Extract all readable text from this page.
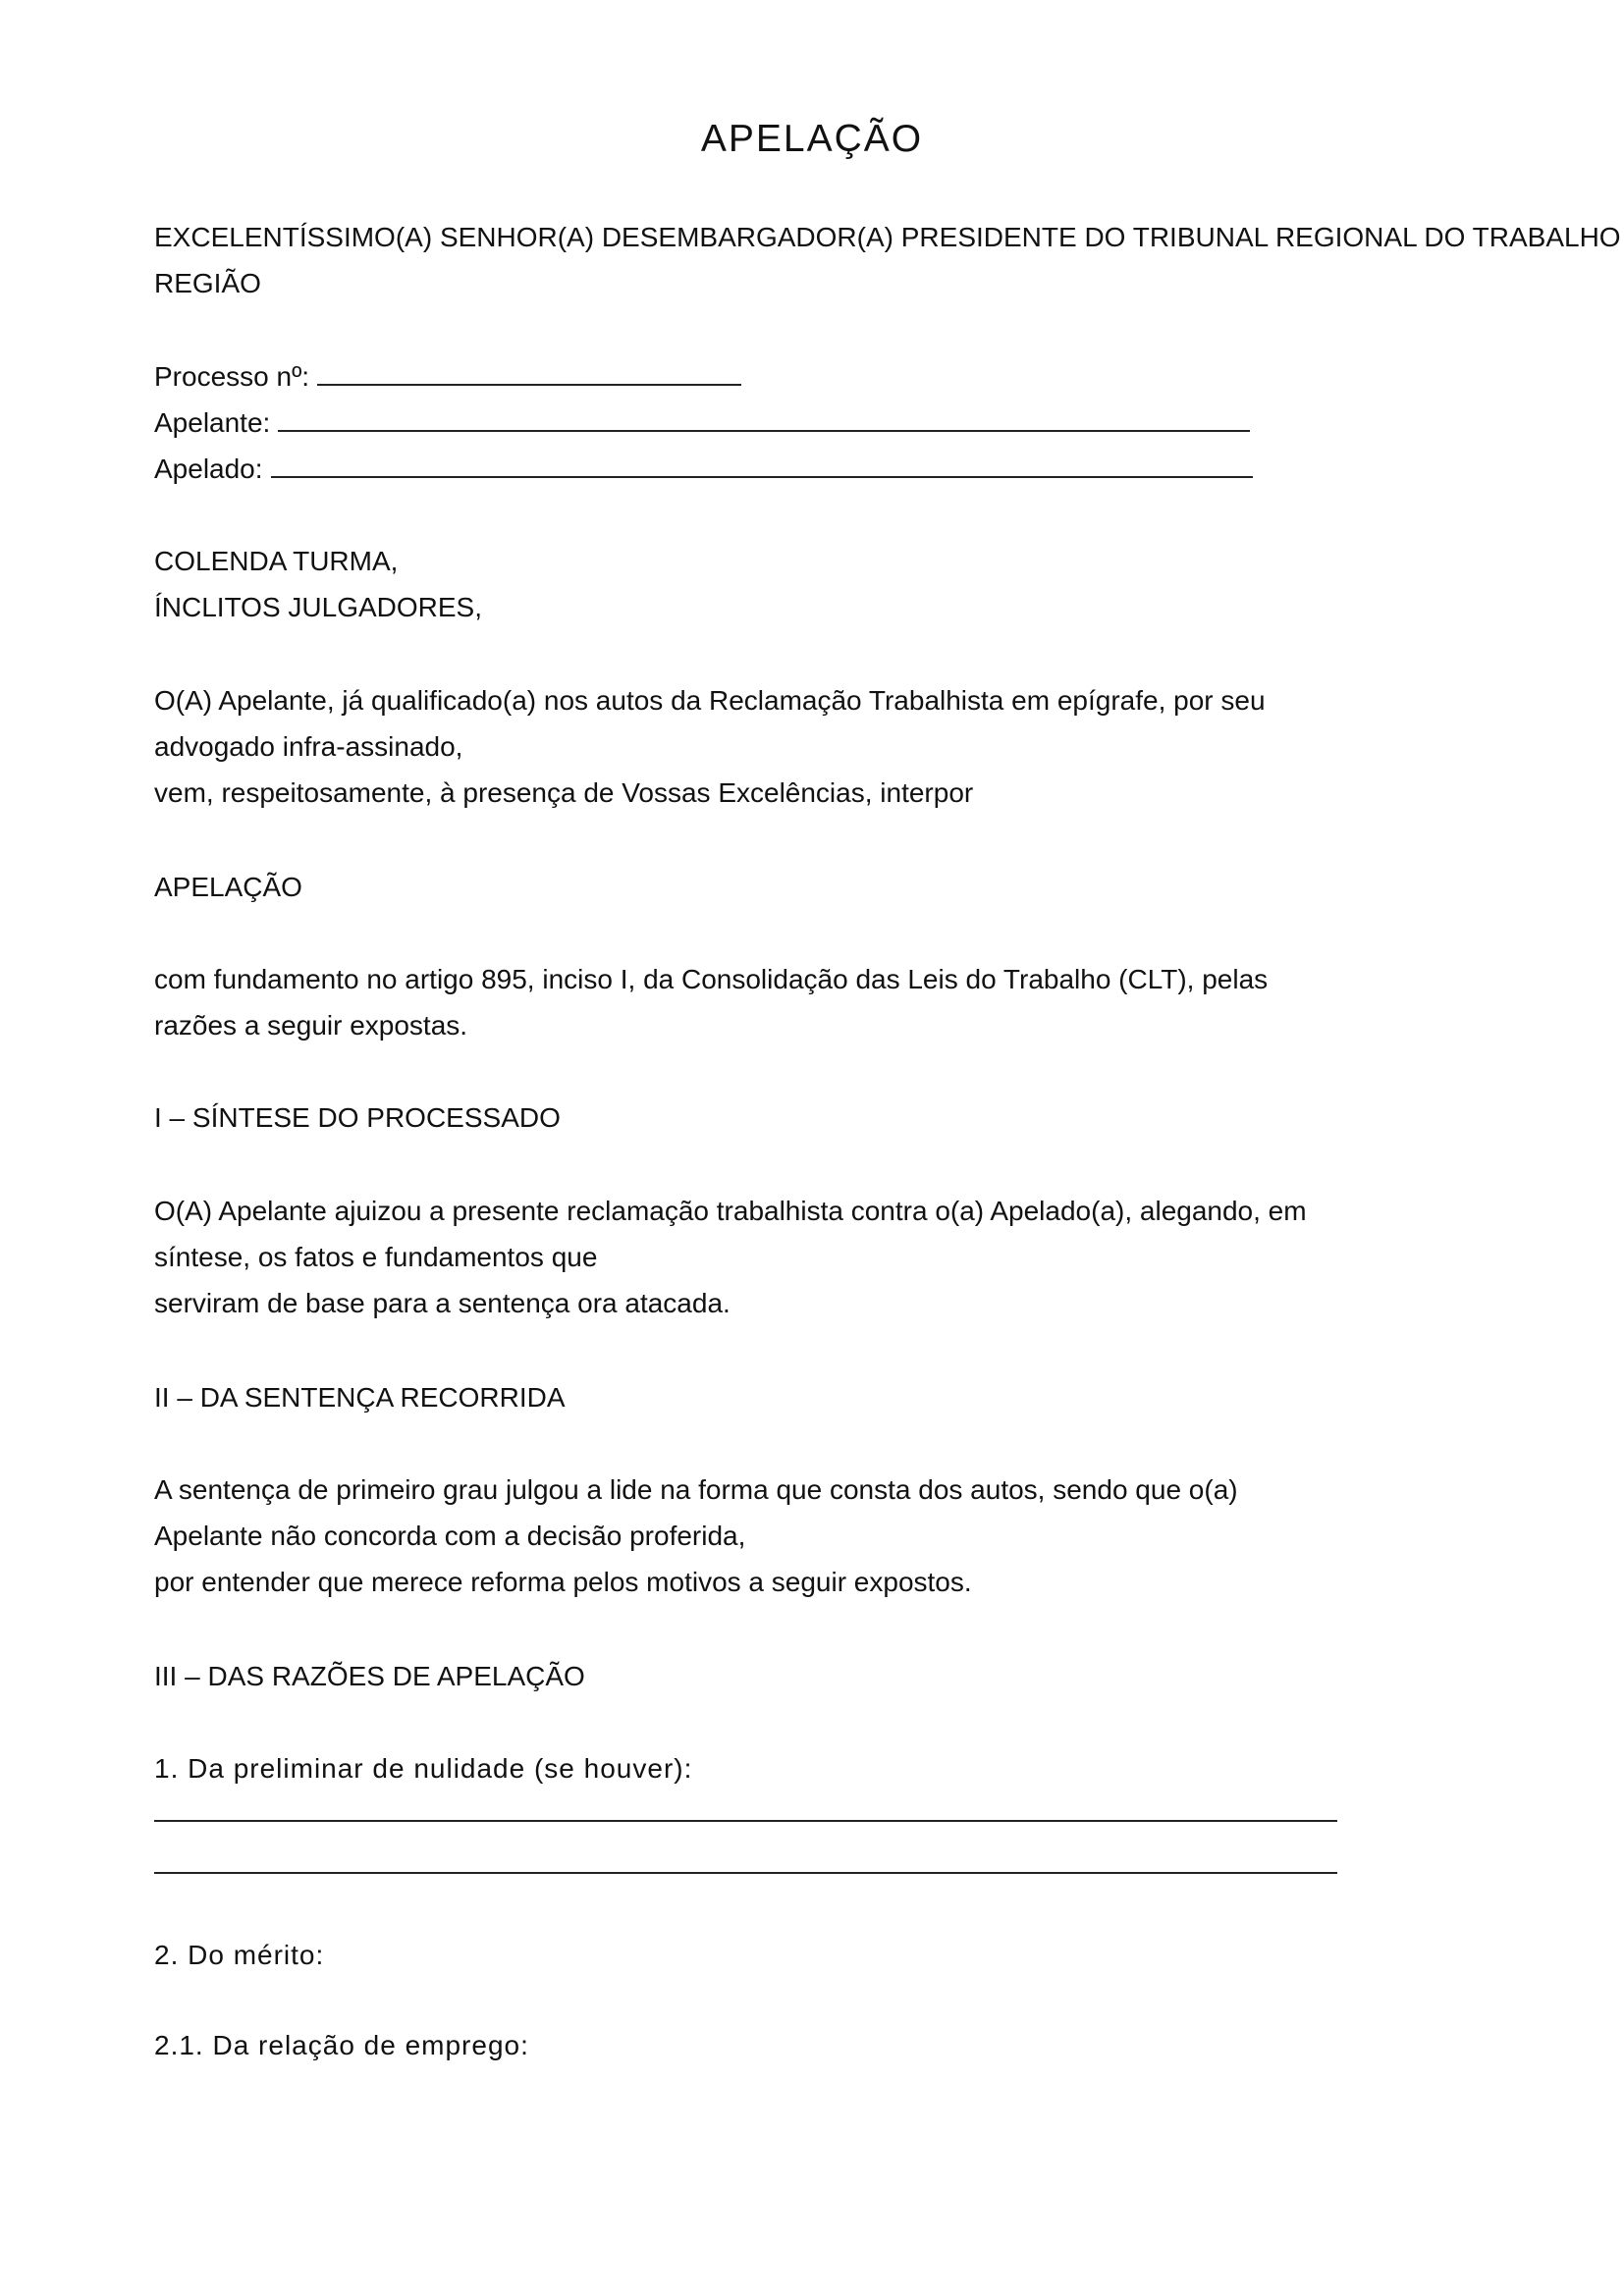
APELAÇÃO
EXCELENTÍSSIMO(A) SENHOR(A) DESEMBARGADOR(A) PRESIDENTE DO TRIBUNAL REGIONAL DO TRABALHO
REGIÃO
Processo nº:
Apelante:
Apelado:
COLENDA TURMA,
ÍNCLITOS JULGADORES,
O(A) Apelante, já qualificado(a) nos autos da Reclamação Trabalhista em epígrafe, por seu
advogado infra-assinado,
vem, respeitosamente, à presença de Vossas Excelências, interpor
APELAÇÃO
com fundamento no artigo 895, inciso I, da Consolidação das Leis do Trabalho (CLT), pelas
razões a seguir expostas.
I – SÍNTESE DO PROCESSADO
O(A) Apelante ajuizou a presente reclamação trabalhista contra o(a) Apelado(a), alegando, em
síntese, os fatos e fundamentos que
serviram de base para a sentença ora atacada.
II – DA SENTENÇA RECORRIDA
A sentença de primeiro grau julgou a lide na forma que consta dos autos, sendo que o(a)
Apelante não concorda com a decisão proferida,
por entender que merece reforma pelos motivos a seguir expostos.
III – DAS RAZÕES DE APELAÇÃO
1. Da preliminar de nulidade (se houver):
2. Do mérito:
2.1. Da relação de emprego:
